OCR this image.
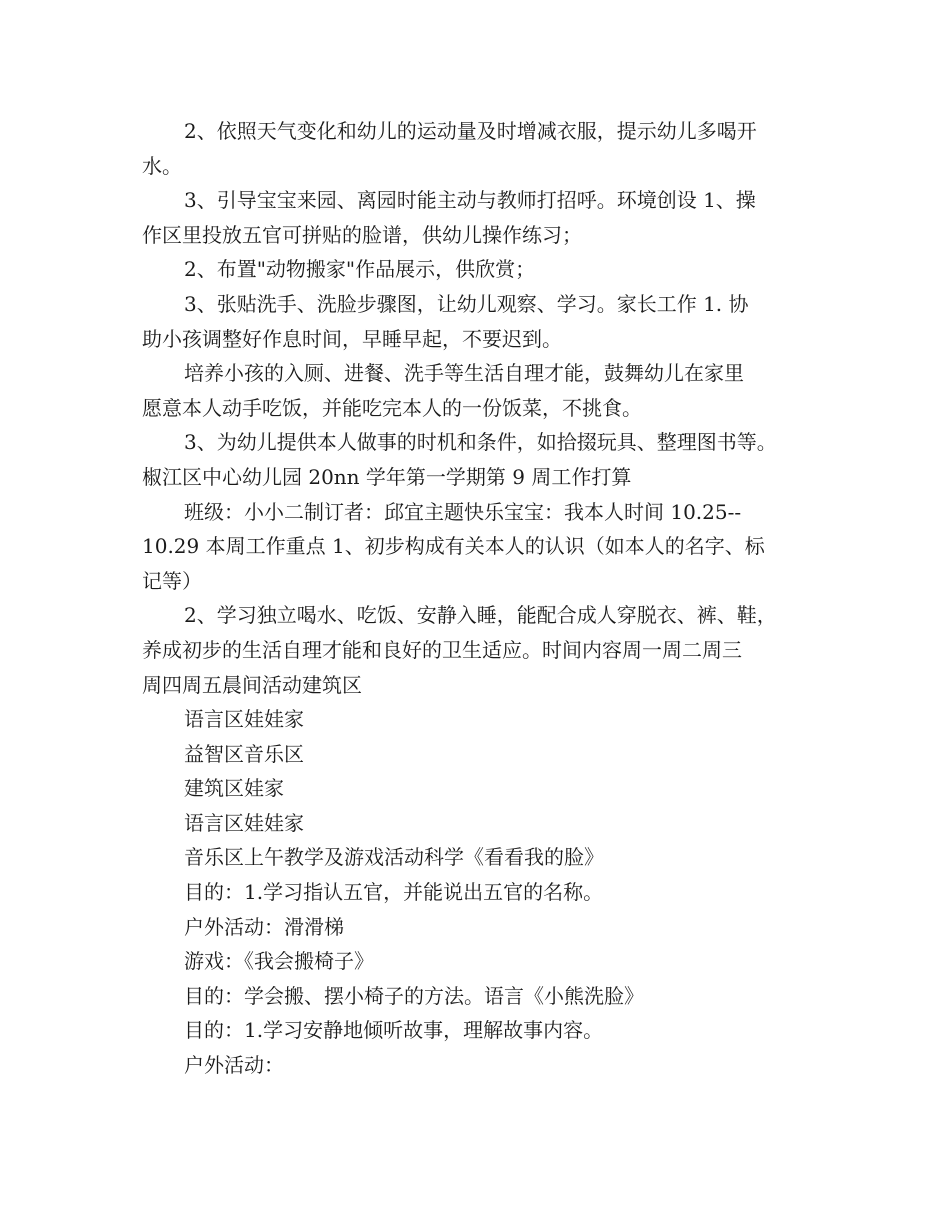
2、依照天气变化和幼儿的运动量及时增减衣服，提示幼儿多喝开

水。

3、引导宝宝来园、离园时能主动与教师打招呼。环境创设 1、操

作区里投放五官可拼贴的脸谱，供幼儿操作练习；

2、布置"动物搬家"作品展示，供欣赏；

3、张贴洗手、洗脸步骤图，让幼儿观察、学习。家长工作 1. 协

助小孩调整好作息时间，早睡早起，不要迟到。

培养小孩的入厕、进餐、洗手等生活自理才能，鼓舞幼儿在家里

愿意本人动手吃饭，并能吃完本人的一份饭菜，不挑食。

3、为幼儿提供本人做事的时机和条件，如拾掇玩具、整理图书等。

椒江区中心幼儿园 20nn 学年第一学期第 9 周工作打算

班级：小小二制订者：邱宜主题快乐宝宝：我本人时间 10.25--

10.29 本周工作重点 1、初步构成有关本人的认识（如本人的名字、标

记等）

2、学习独立喝水、吃饭、安静入睡，能配合成人穿脱衣、裤、鞋，

养成初步的生活自理才能和良好的卫生适应。时间内容周一周二周三

周四周五晨间活动建筑区

语言区娃娃家

益智区音乐区

建筑区娃家

语言区娃娃家

音乐区上午教学及游戏活动科学《看看我的脸》

目的：1.学习指认五官，并能说出五官的名称。

户外活动：滑滑梯

游戏：《我会搬椅子》

目的：学会搬、摆小椅子的方法。语言《小熊洗脸》

目的：1.学习安静地倾听故事，理解故事内容。

户外活动：
